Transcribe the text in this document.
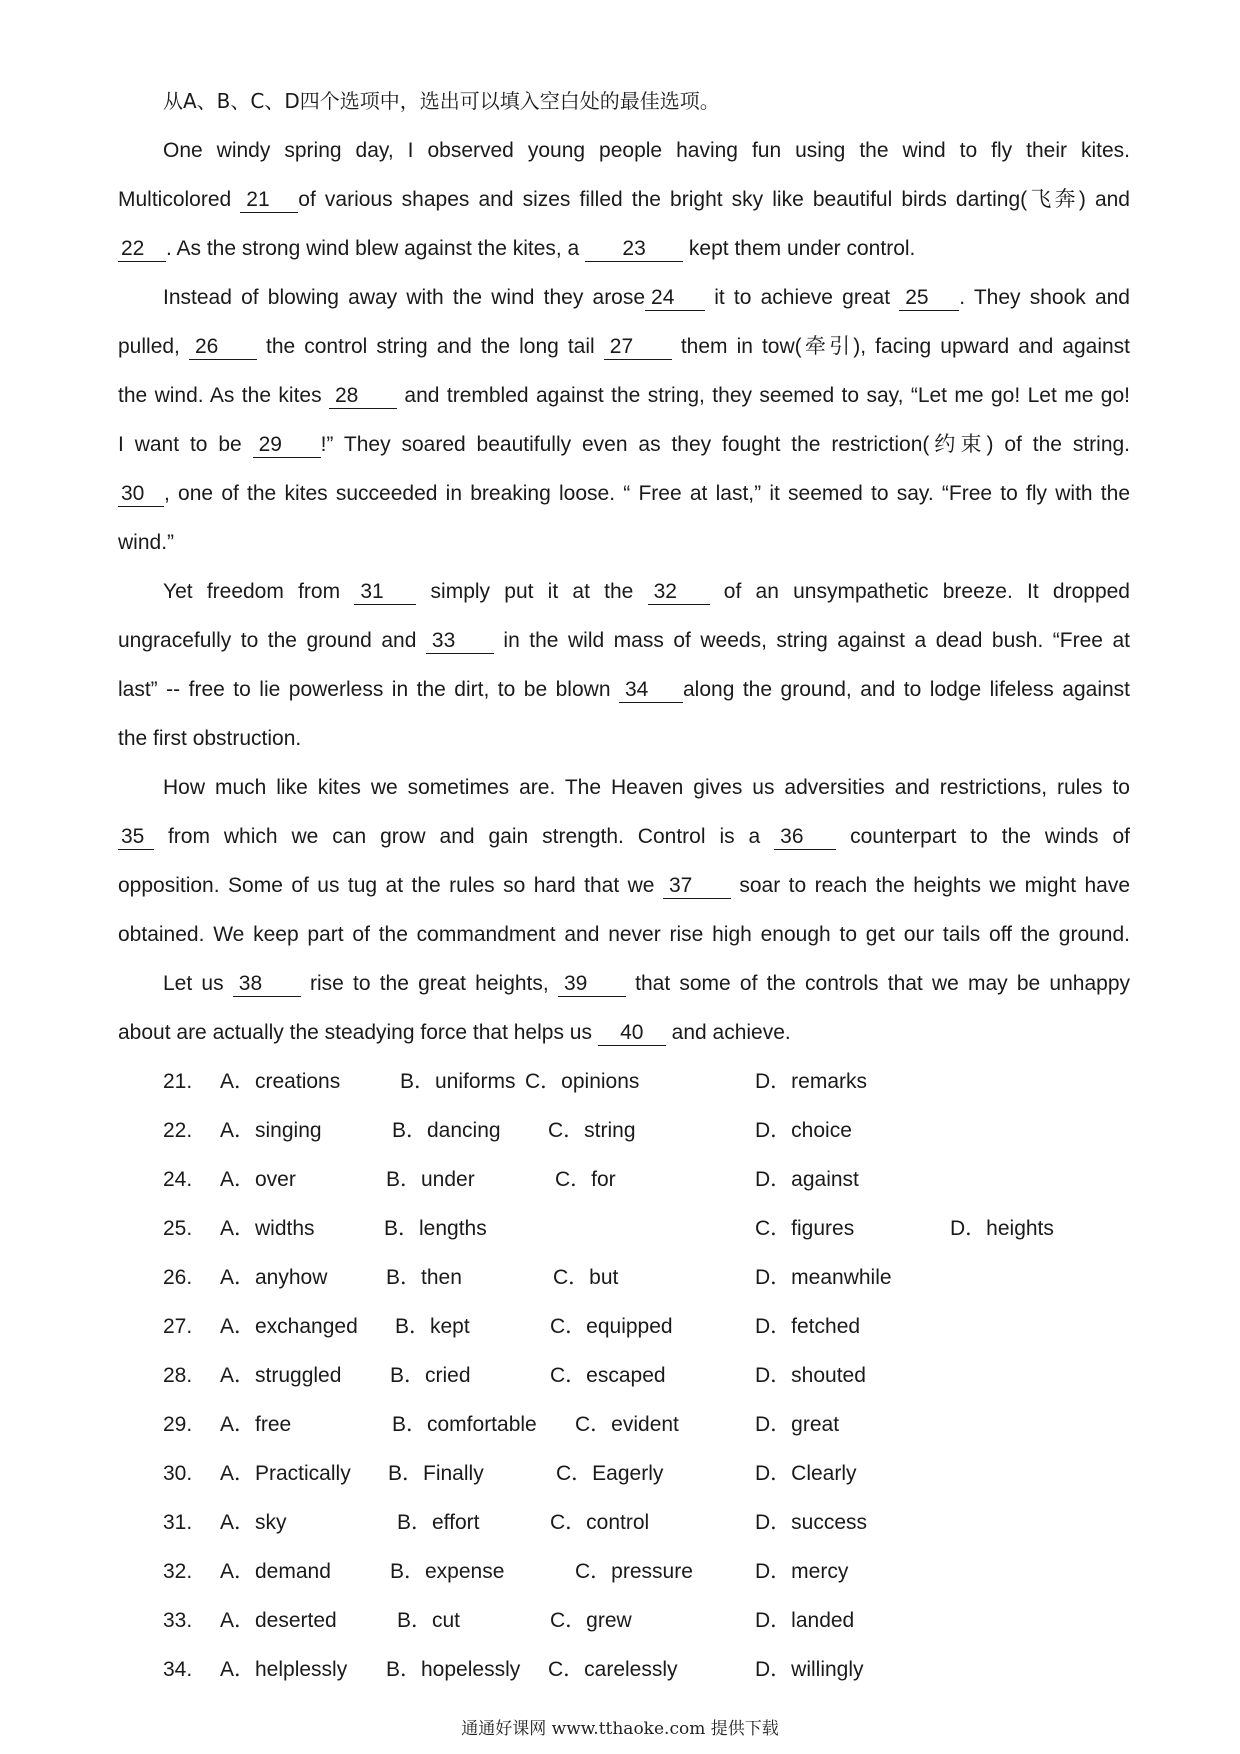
从A、B、C、D四个选项中，选出可以填入空白处的最佳选项。
One windy spring day, I observed young people having fun using the wind to fly their kites.
Multicolored 21 of various shapes and sizes filled the bright sky like beautiful birds darting(飞奔) and
22 . As the strong wind blew against the kites, a 23 kept them under control.
Instead of blowing away with the wind they arose 24 it to achieve great 25 . They shook and
pulled, 26 the control string and the long tail 27 them in tow(牵引), facing upward and against
the wind. As the kites 28 and trembled against the string, they seemed to say, “Let me go! Let me go!
I want to be 29 !” They soared beautifully even as they fought the restriction(约束) of the string.
30 , one of the kites succeeded in breaking loose. “ Free at last,” it seemed to say. “Free to fly with the
wind.”
Yet freedom from 31 simply put it at the 32 of an unsympathetic breeze. It dropped
ungracefully to the ground and 33 in the wild mass of weeds, string against a dead bush. “Free at
last” -- free to lie powerless in the dirt, to be blown 34 along the ground, and to lodge lifeless against
the first obstruction.
How much like kites we sometimes are. The Heaven gives us adversities and restrictions, rules to
35 from which we can grow and gain strength. Control is a 36 counterpart to the winds of
opposition. Some of us tug at the rules so hard that we 37 soar to reach the heights we might have
obtained. We keep part of the commandment and never rise high enough to get our tails off the ground.
Let us 38 rise to the great heights, 39 that some of the controls that we may be unhappy
about are actually the steadying force that helps us 40 and achieve.
21. A．creations	B．uniforms C．opinions	D．remarks
22. A．singing	B．dancing C．string	D．choice
24. A．over	B．under	C．for	D．against
25. A．widths	B．lengths	C．figures	D．heights
26. A．anyhow	B．then	C．but	D．meanwhile
27. A．exchanged B．kept	C．equipped	D．fetched
28. A．struggled B．cried	C．escaped	D．shouted
29. A．free	B．comfortable C．evident	D．great
30. A．Practically B．Finally	C．Eagerly	D．Clearly
31. A．sky	B．effort	C．control	D．success
32. A．demand	B．expense	C．pressure	D．mercy
33. A．deserted	B．cut	C．grew	D．landed
34. A．helplessly B．hopelessly C．carelessly	D．willingly
通通好课网 www.tthaoke.com 提供下载
